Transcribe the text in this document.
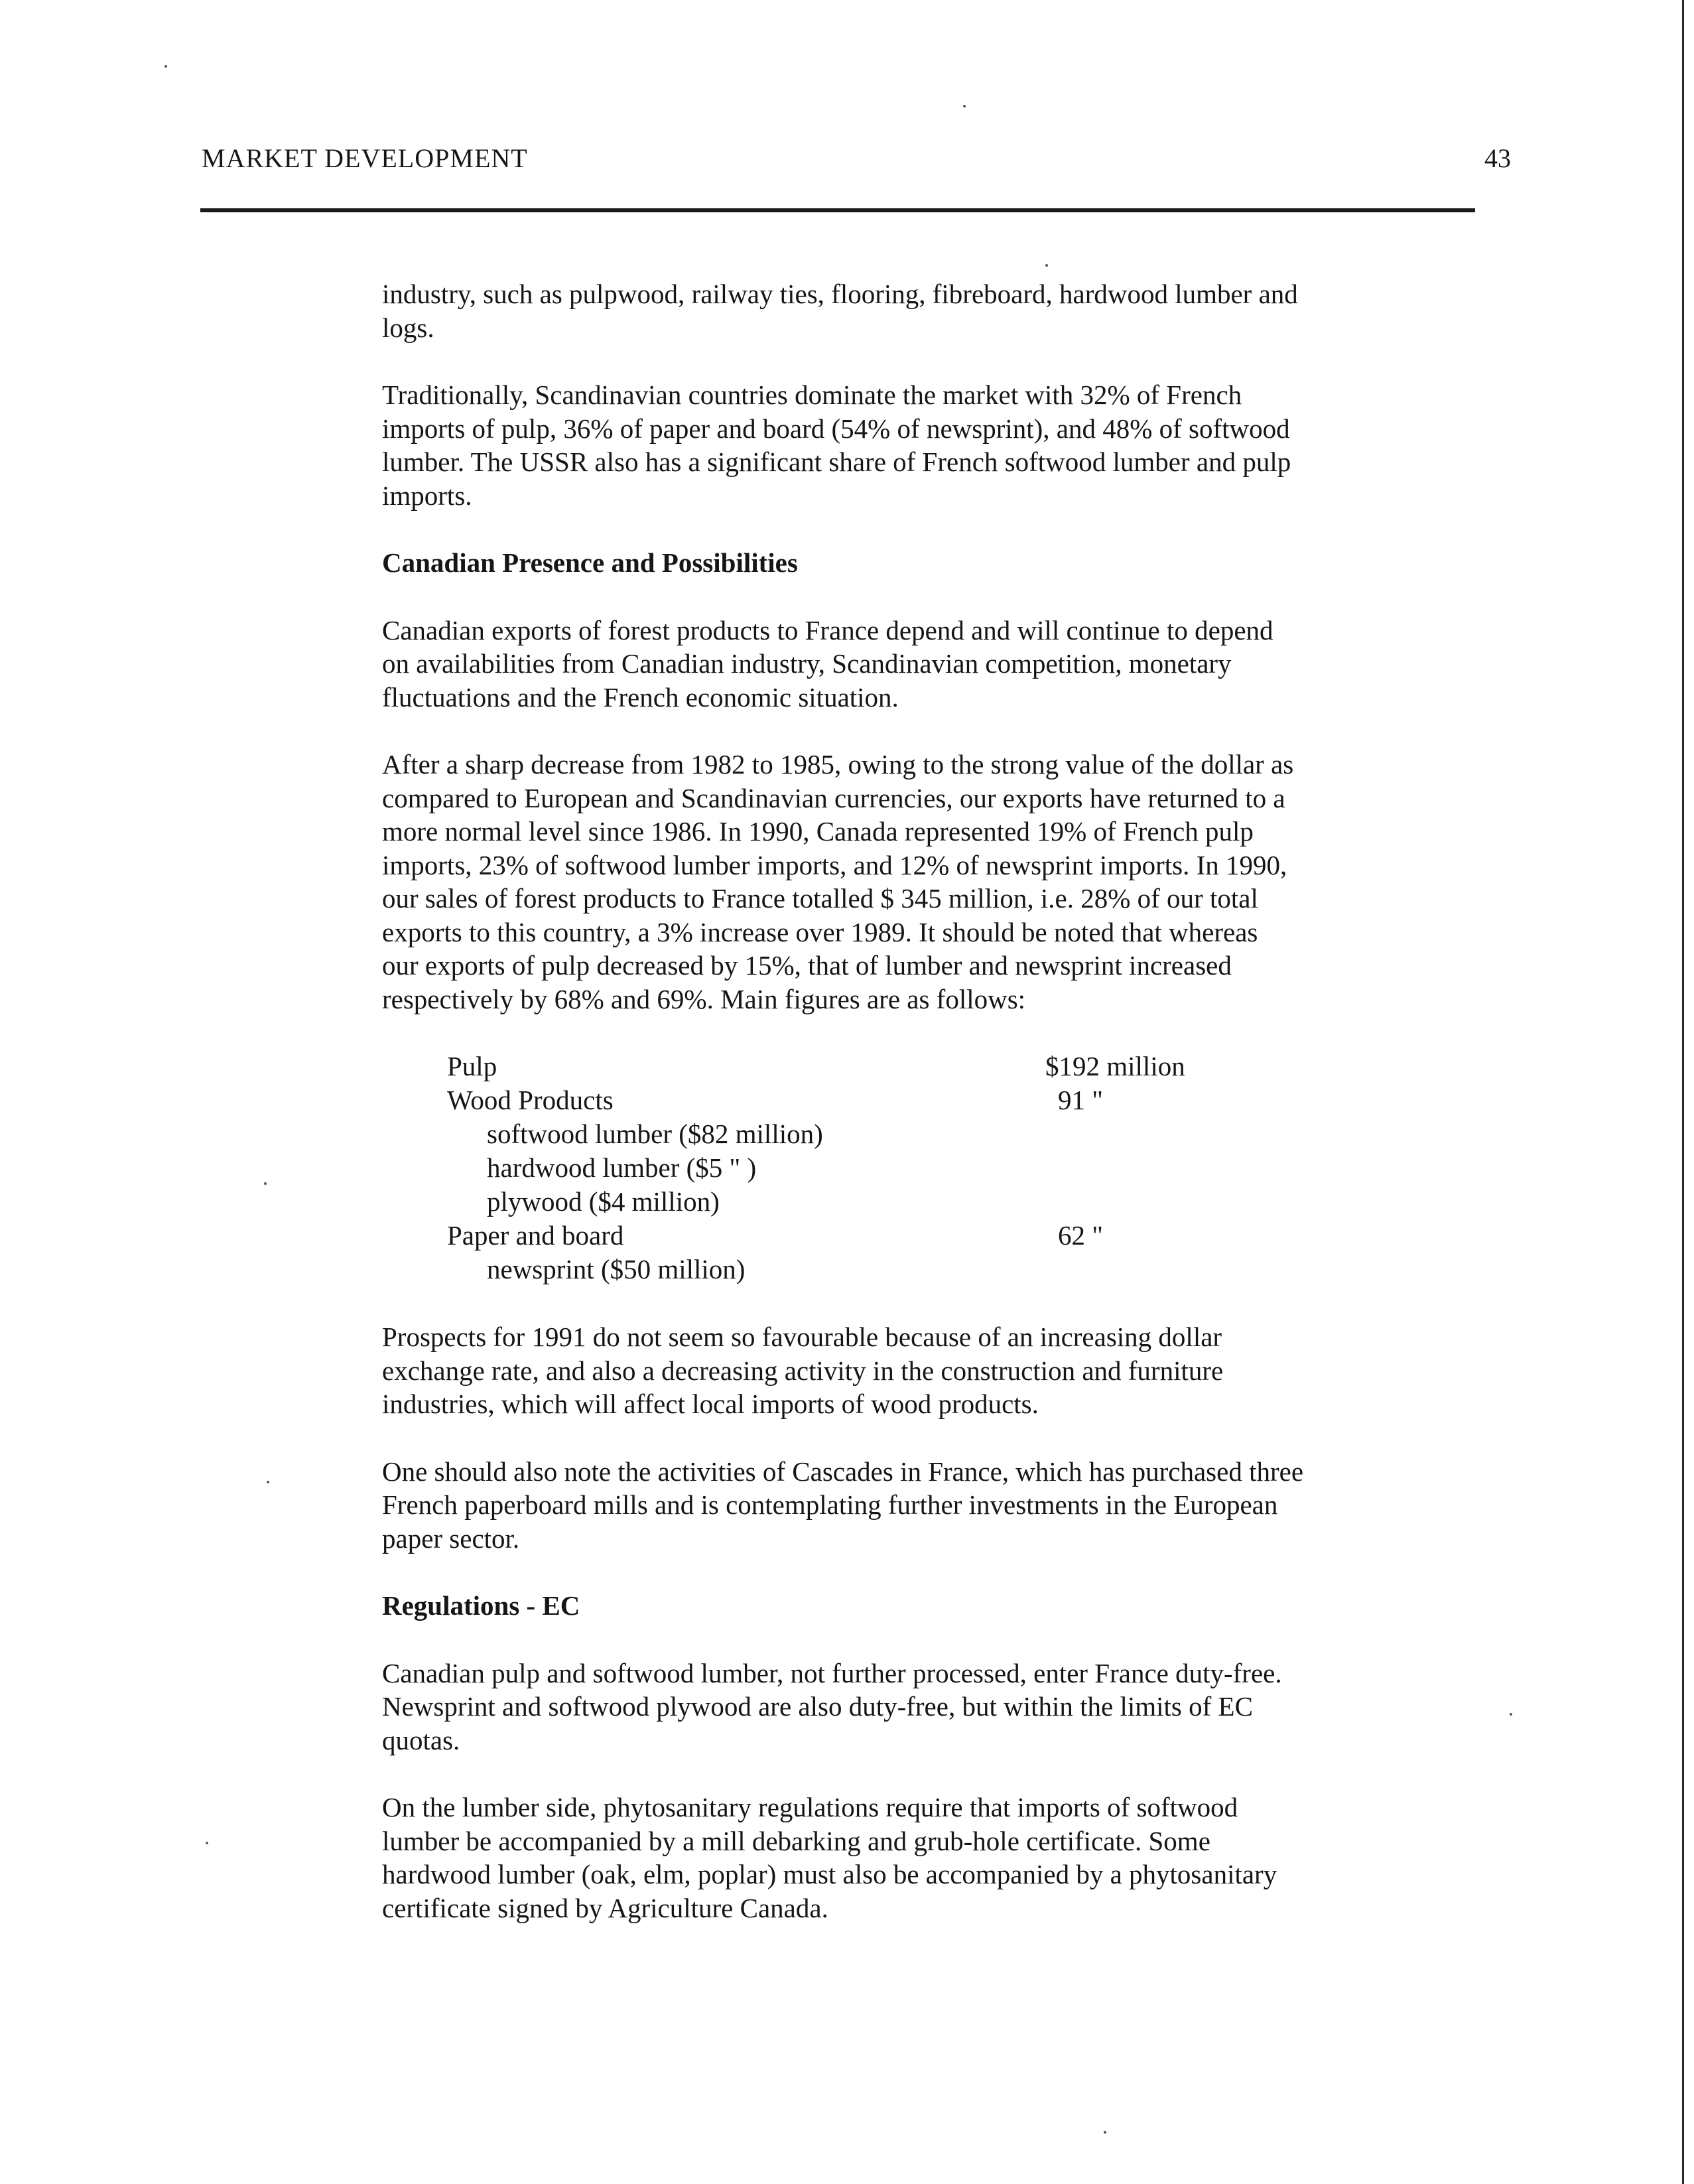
MARKET DEVELOPMENT	43

industry, such as pulpwood, railway ties, flooring, fibreboard, hardwood lumber and
logs.

Traditionally, Scandinavian countries dominate the market with 32% of French
imports of pulp, 36% of paper and board (54% of newsprint), and 48% of softwood
lumber. The USSR also has a significant share of French softwood lumber and pulp
imports.

Canadian Presence and Possibilities

Canadian exports of forest products to France depend and will continue to depend
on availabilities from Canadian industry, Scandinavian competition, monetary
fluctuations and the French economic situation.

After a sharp decrease from 1982 to 1985, owing to the strong value of the dollar as
compared to European and Scandinavian currencies, our exports have returned to a
more normal level since 1986. In 1990, Canada represented 19% of French pulp
imports, 23% of softwood lumber imports, and 12% of newsprint imports. In 1990,
our sales of forest products to France totalled $ 345 million, i.e. 28% of our total
exports to this country, a 3% increase over 1989. It should be noted that whereas
our exports of pulp decreased by 15%, that of lumber and newsprint increased
respectively by 68% and 69%. Main figures are as follows:

Pulp	$192 million
Wood Products	91 "
softwood lumber ($82 million)
hardwood lumber ($5 " )
plywood ($4 million)
Paper and board	62 "
newsprint ($50 million)

Prospects for 1991 do not seem so favourable because of an increasing dollar
exchange rate, and also a decreasing activity in the construction and furniture
industries, which will affect local imports of wood products.

One should also note the activities of Cascades in France, which has purchased three
French paperboard mills and is contemplating further investments in the European
paper sector.

Regulations - EC

Canadian pulp and softwood lumber, not further processed, enter France duty-free.
Newsprint and softwood plywood are also duty-free, but within the limits of EC
quotas.

On the lumber side, phytosanitary regulations require that imports of softwood
lumber be accompanied by a mill debarking and grub-hole certificate. Some
hardwood lumber (oak, elm, poplar) must also be accompanied by a phytosanitary
certificate signed by Agriculture Canada.
